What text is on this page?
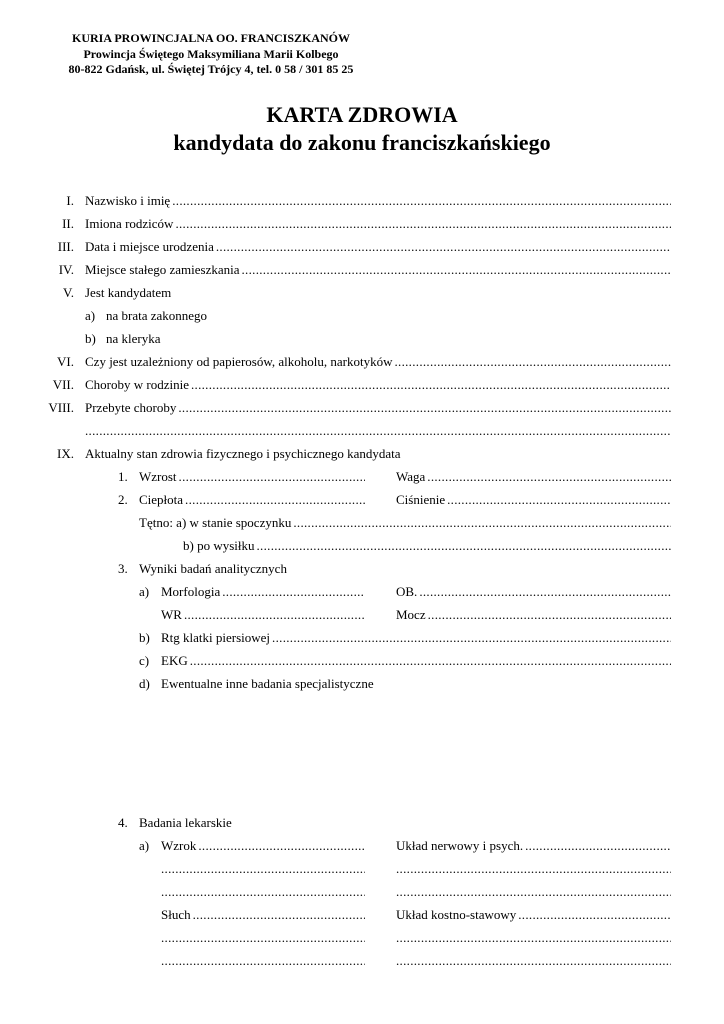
KURIA PROWINCJALNA OO. FRANCISZKANÓW
Prowincja Świętego Maksymiliana Marii Kolbego
80-822 Gdańsk, ul. Świętej Trójcy 4, tel. 0 58 / 301 85 25
KARTA ZDROWIA
kandydata do zakonu franciszkańskiego
I. Nazwisko i imię
.....
II. Imiona rodziców
.....
III. Data i miejsce urodzenia
.....
IV. Miejsce stałego zamieszkania
.....
V. Jest kandydatem
a) na brata zakonnego
b) na kleryka
VI. Czy jest uzależniony od papierosów, alkoholu, narkotyków
.....
VII. Choroby w rodzinie
.....
VIII. Przebyte choroby
.....
.....
IX. Aktualny stan zdrowia fizycznego i psychicznego kandydata
1. Wzrost .....	Waga
.....
2. Ciepłota .....	Ciśnienie
.....
Tętno: a) w stanie spoczynku
.....
b) po wysiłku
.....
3. Wyniki badań analitycznych
a) Morfologia .....	OB.
.....
WR .....	Mocz
.....
b) Rtg klatki piersiowej
.....
c) EKG
.....
d) Ewentualne inne badania specjalistyczne
4. Badania lekarskie
a) Wzrok .....	Układ nerwowy i psych.
.....
.....
.....
.....
.....
Słuch .....	Układ kostno-stawowy
.....
.....
.....
.....
.....
